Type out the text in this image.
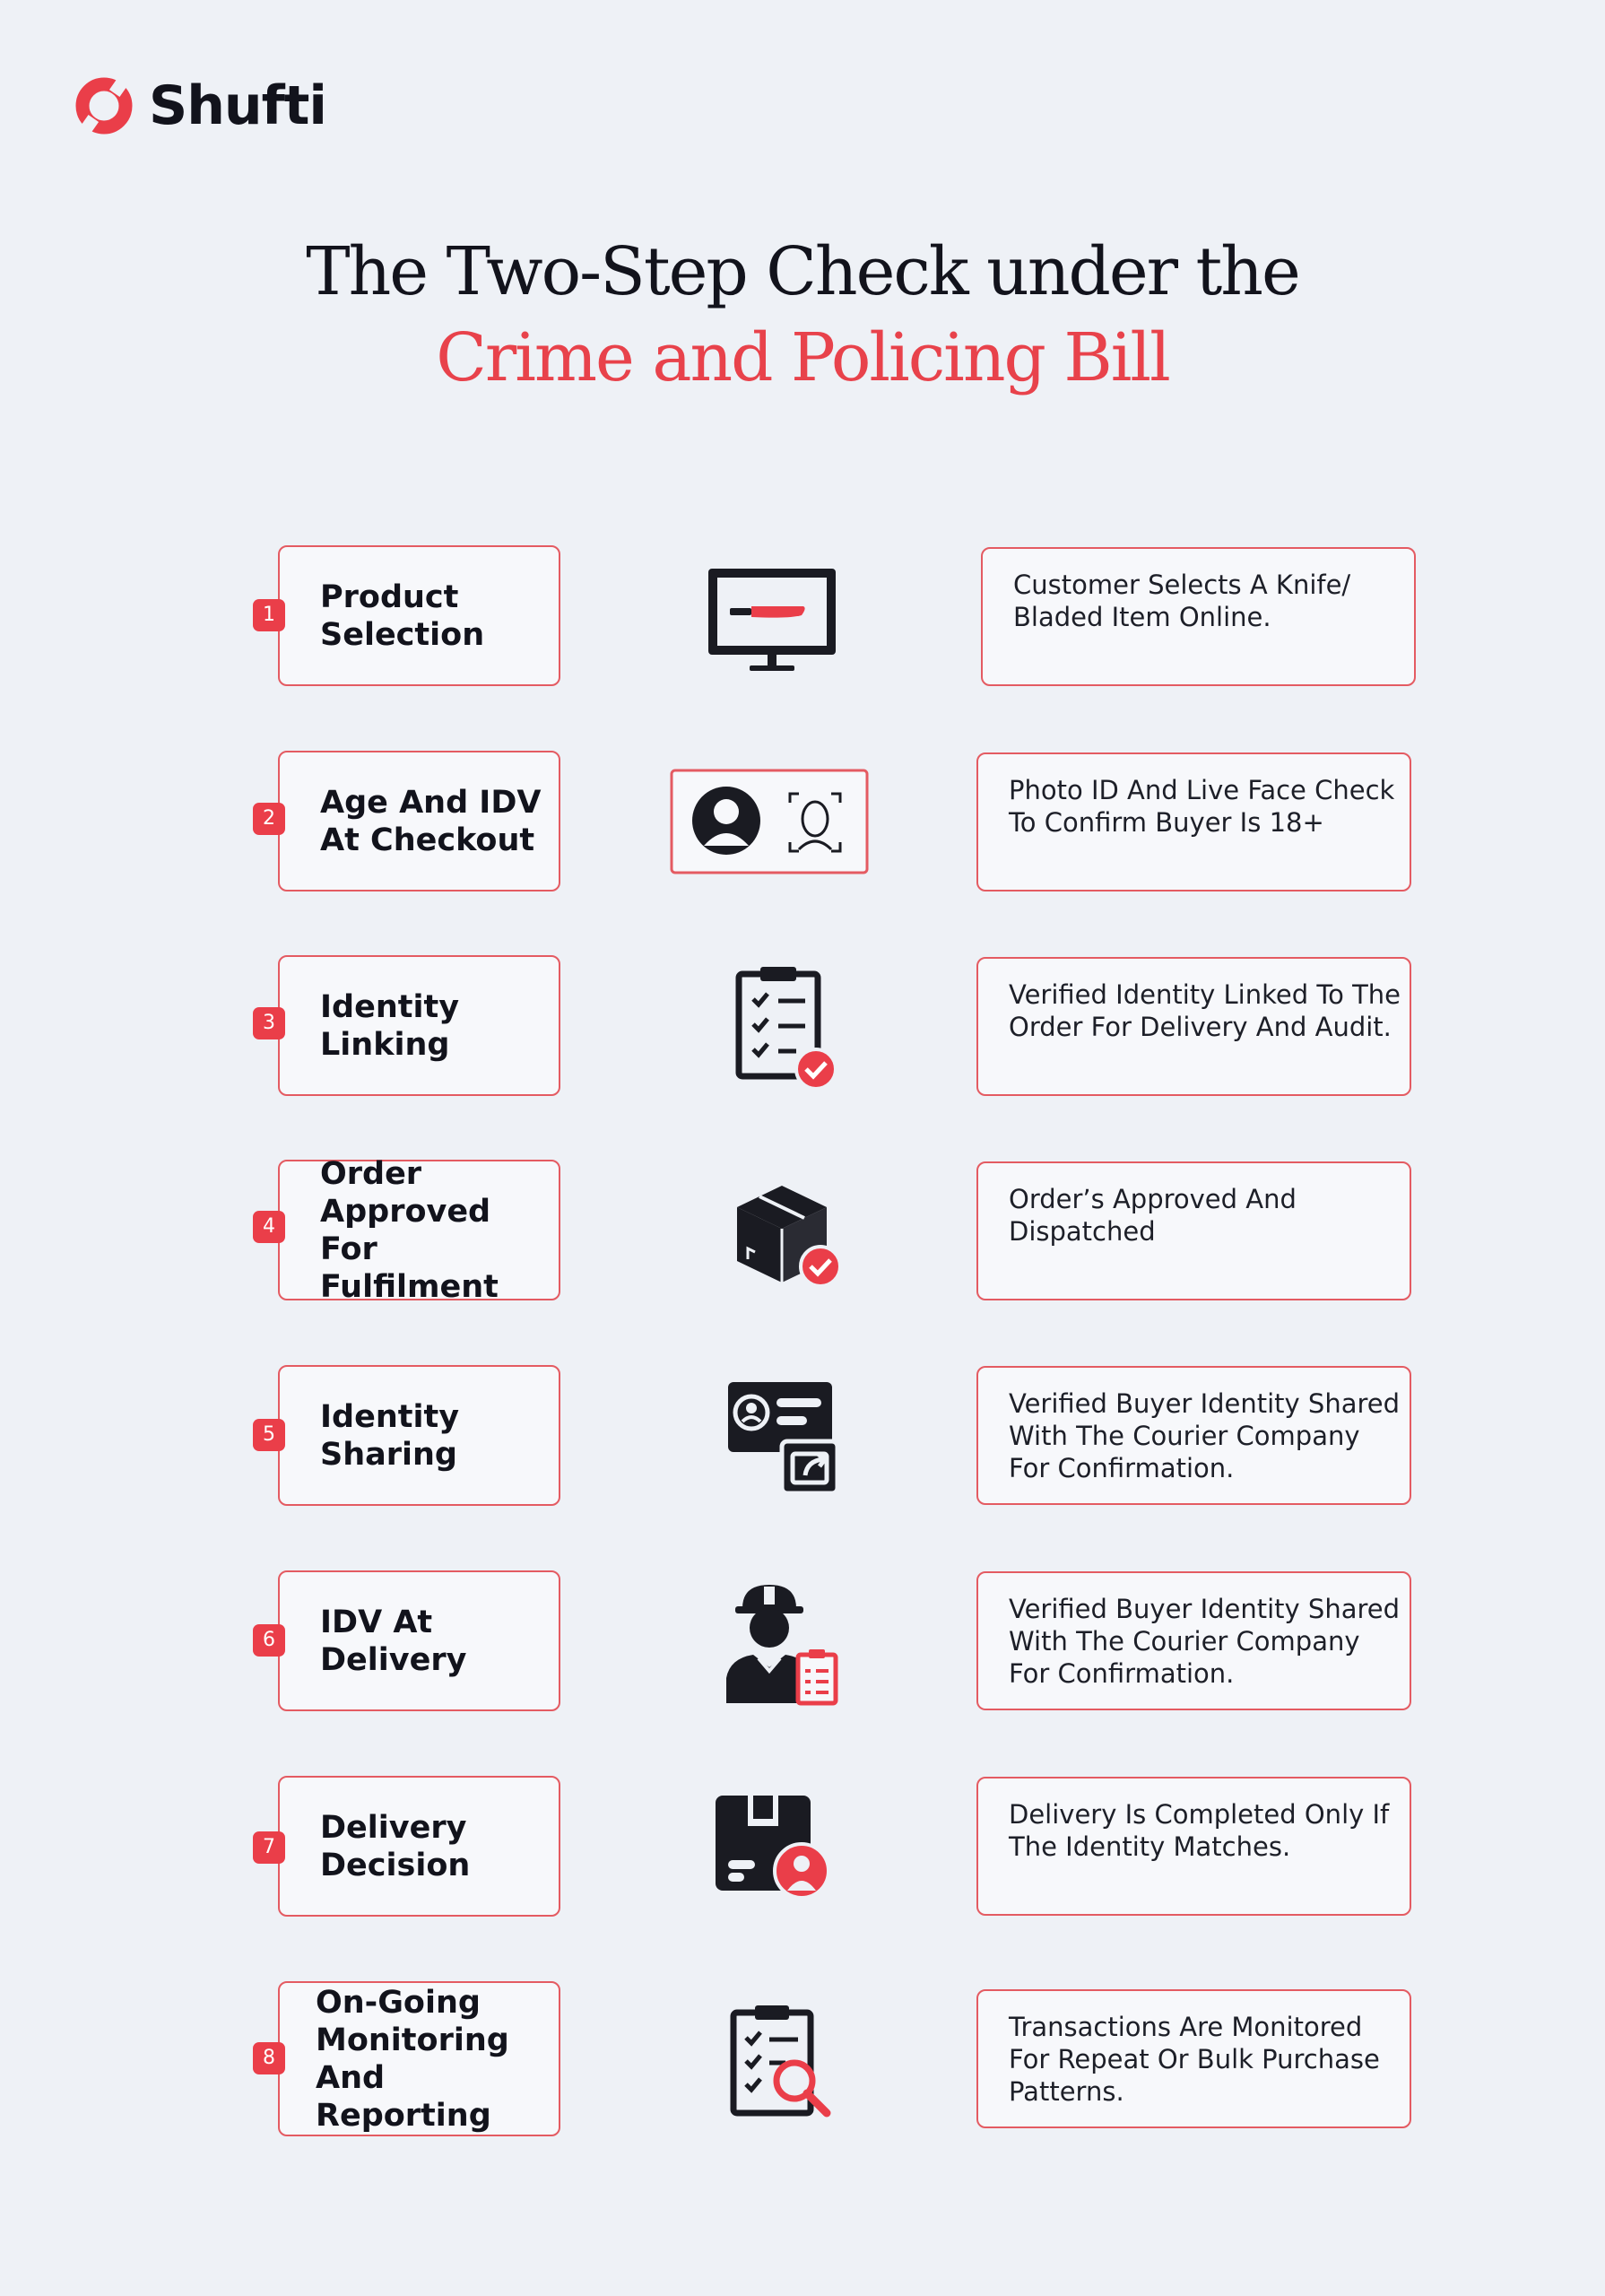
Shufti
The Two-Step Check under the
Crime and Policing Bill
Product
Selection
1
Customer Selects A Knife/
Bladed Item Online.
Age And IDV
At Checkout
2
Photo ID And Live Face Check
To Confirm Buyer Is 18+
Identity
Linking
3
Verified Identity Linked To The
Order For Delivery And Audit.
Order
Approved For
Fulfilment
4
Order’s Approved And
Dispatched
Identity
Sharing
5
Verified Buyer Identity Shared
With The Courier Company
For Confirmation.
IDV At
Delivery
6
Verified Buyer Identity Shared
With The Courier Company
For Confirmation.
Delivery
Decision
7
Delivery Is Completed Only If
The Identity Matches.
On-Going
Monitoring
And Reporting
8
Transactions Are Monitored
For Repeat Or Bulk Purchase
Patterns.
